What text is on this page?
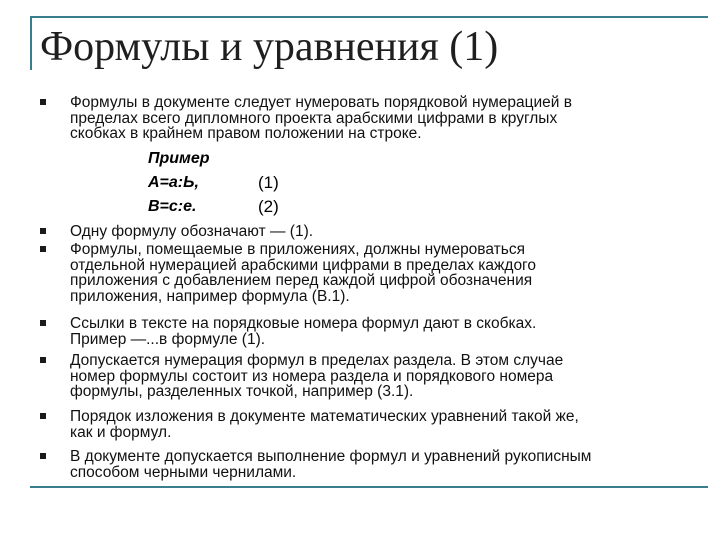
Формулы и уравнения (1)

Формулы в документе следует нумеровать порядковой нумерацией в
пределах всего дипломного проекта арабскими цифрами в круглых
скобках в крайнем правом положении на строке.

Пример

А=а:Ь,	(1)

В=с:е.	(2)

Одну формулу обозначают — (1).

Формулы, помещаемые в приложениях, должны нумероваться
отдельной нумерацией арабскими цифрами в пределах каждого
приложения с добавлением перед каждой цифрой обозначения
приложения, например формула (В.1).

Ссылки в тексте на порядковые номера формул дают в скобках.
Пример —...в формуле (1).

Допускается нумерация формул в пределах раздела. В этом случае
номер формулы состоит из номера раздела и порядкового номера
формулы, разделенных точкой, например (3.1).

Порядок изложения в документе математических уравнений такой же,
как и формул.

В документе допускается выполнение формул и уравнений рукописным
способом черными чернилами.
